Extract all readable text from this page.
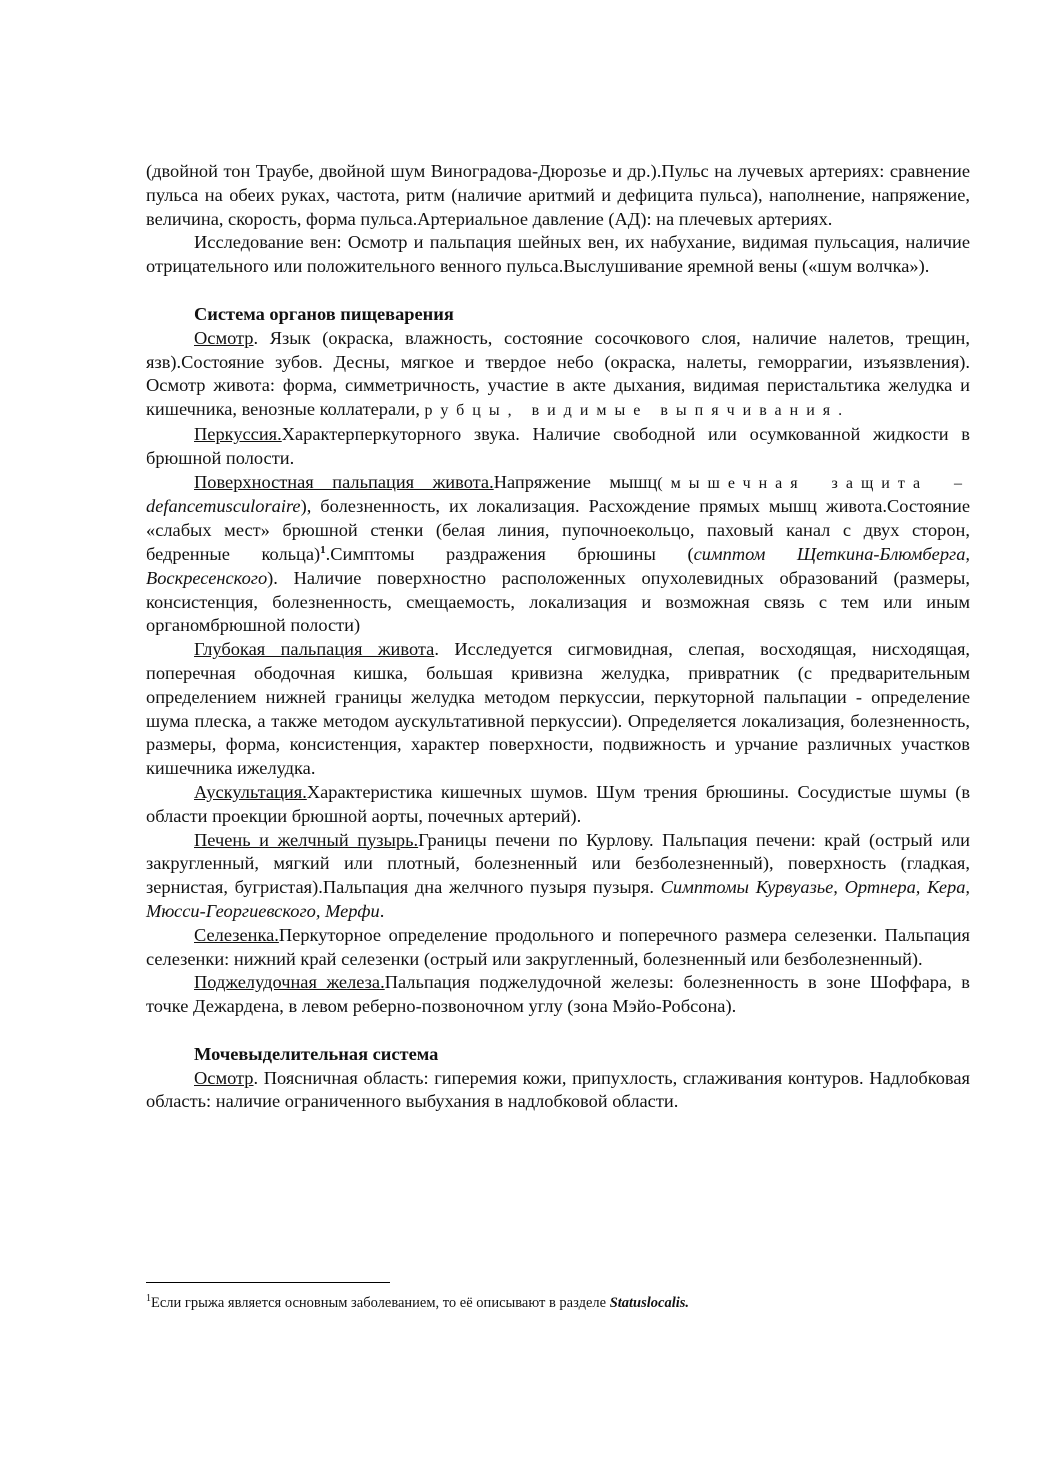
(двойной тон Траубе, двойной шум Виноградова-Дюрозье и др.).Пульс на лучевых артериях: сравнение пульса на обеих руках, частота, ритм (наличие аритмий и дефицита пульса), наполнение, напряжение, величина, скорость, форма пульса.Артериальное давление (АД): на плечевых артериях.

Исследование вен: Осмотр и пальпация шейных вен, их набухание, видимая пульсация, наличие отрицательного или положительного венного пульса.Выслушивание яремной вены («шум волчка»).

Система органов пищеварения

Осмотр. Язык (окраска, влажность, состояние сосочкового слоя, наличие налетов, трещин, язв).Состояние зубов. Десны, мягкое и твердое небо (окраска, налеты, геморрагии, изъязвления). Осмотр живота: форма, симметричность, участие в акте дыхания, видимая перистальтика желудка и кишечника, венозные коллатерали, рубцы, видимые выпячивания.

Перкуссия.Характерперкуторного звука. Наличие свободной или осумкованной жидкости в брюшной полости.

Поверхностная пальпация живота.Напряжение мышц(мышечная защита – defancemusculoraire), болезненность, их локализация. Расхождение прямых мышц живота.Состояние «слабых мест» брюшной стенки (белая линия, пупочноекольцо, паховый канал с двух сторон, бедренные кольца)$^1$.Симптомы раздражения брюшины (симптом Щеткина-Блюмберга, Воскресенского). Наличие поверхностно расположенных опухолевидных образований (размеры, консистенция, болезненность, смещаемость, локализация и возможная связь с тем или иным органомбрюшной полости)

Глубокая пальпация живота. Исследуется сигмовидная, слепая, восходящая, нисходящая, поперечная ободочная кишка, большая кривизна желудка, привратник (с предварительным определением нижней границы желудка методом перкуссии, перкуторной пальпации - определение шума плеска, а также методом аускультативной перкуссии). Определяется локализация, болезненность, размеры, форма, консистенция, характер поверхности, подвижность и урчание различных участков кишечника ижелудка.

Аускультация.Характеристика кишечных шумов. Шум трения брюшины. Сосудистые шумы (в области проекции брюшной аорты, почечных артерий).

Печень и желчный пузырь.Границы печени по Курлову. Пальпация печени: край (острый или закругленный, мягкий или плотный, болезненный или безболезненный), поверхность (гладкая, зернистая, бугристая).Пальпация дна желчного пузыря пузыря. Симптомы Курвуазье, Ортнера, Кера, Мюсси-Георгиевского, Мерфи.

Селезенка.Перкуторное определение продольного и поперечного размера селезенки. Пальпация селезенки: нижний край селезенки (острый или закругленный, болезненный или безболезненный).

Поджелудочная железа.Пальпация поджелудочной железы: болезненность в зоне Шоффара, в точке Дежардена, в левом реберно-позвоночном углу (зона Мэйо-Робсона).

Мочевыделительная система

Осмотр. Поясничная область: гиперемия кожи, припухлость, сглаживания контуров. Надлобковая область: наличие ограниченного выбухания в надлобковой области.

$^1$Если грыжа является основным заболеванием, то её описывают в разделе Statuslocalis.
